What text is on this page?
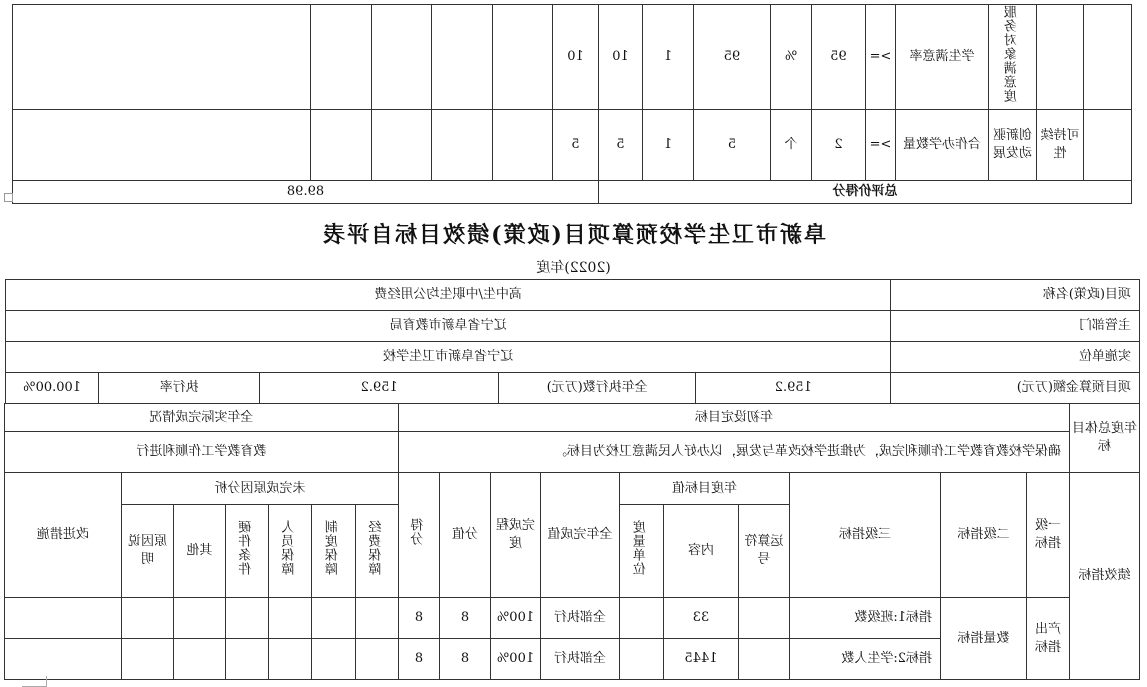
		服务对象满意度	学生满意率	>=	95	%	95	1	10	10					
	可持续性	创新驱动发展	合作办学数量	>=	2	个	5	1	5	5					
总评价得分										89.98					
阜新市卫生学校预算项目(政策)绩效目标自评表
(2022)年度
项目(政策)名称	高中生/中职生均公用经费				
主管部门	辽宁省阜新市教育局				
实施单位	辽宁省阜新市卫生学校				
项目预算金额(万元)	159.2	全年执行数(万元)	159.2	执行率	100.00%
年度总体目标	年初设定目标										全年实际完成情况						
	确保学校教育教学工作顺利完成，为推进学校改革与发展，以办好人民满意卫校为目标。										教育教学工作顺利进行						
绩效指标	一级指标	二级指标	三级指标	年度目标值			全年完成值	完成程度	分值	得分	未完成原因分析						改进措施
				运算符号	内容	度量单位					经费保障	制度保障	人员保障	硬件条件	其他	原因说明	
	产出指标	数量指标	指标1:班级数		33		全部执行	100%	8	8							
			指标2:学生人数		1445		全部执行	100%	8	8							
